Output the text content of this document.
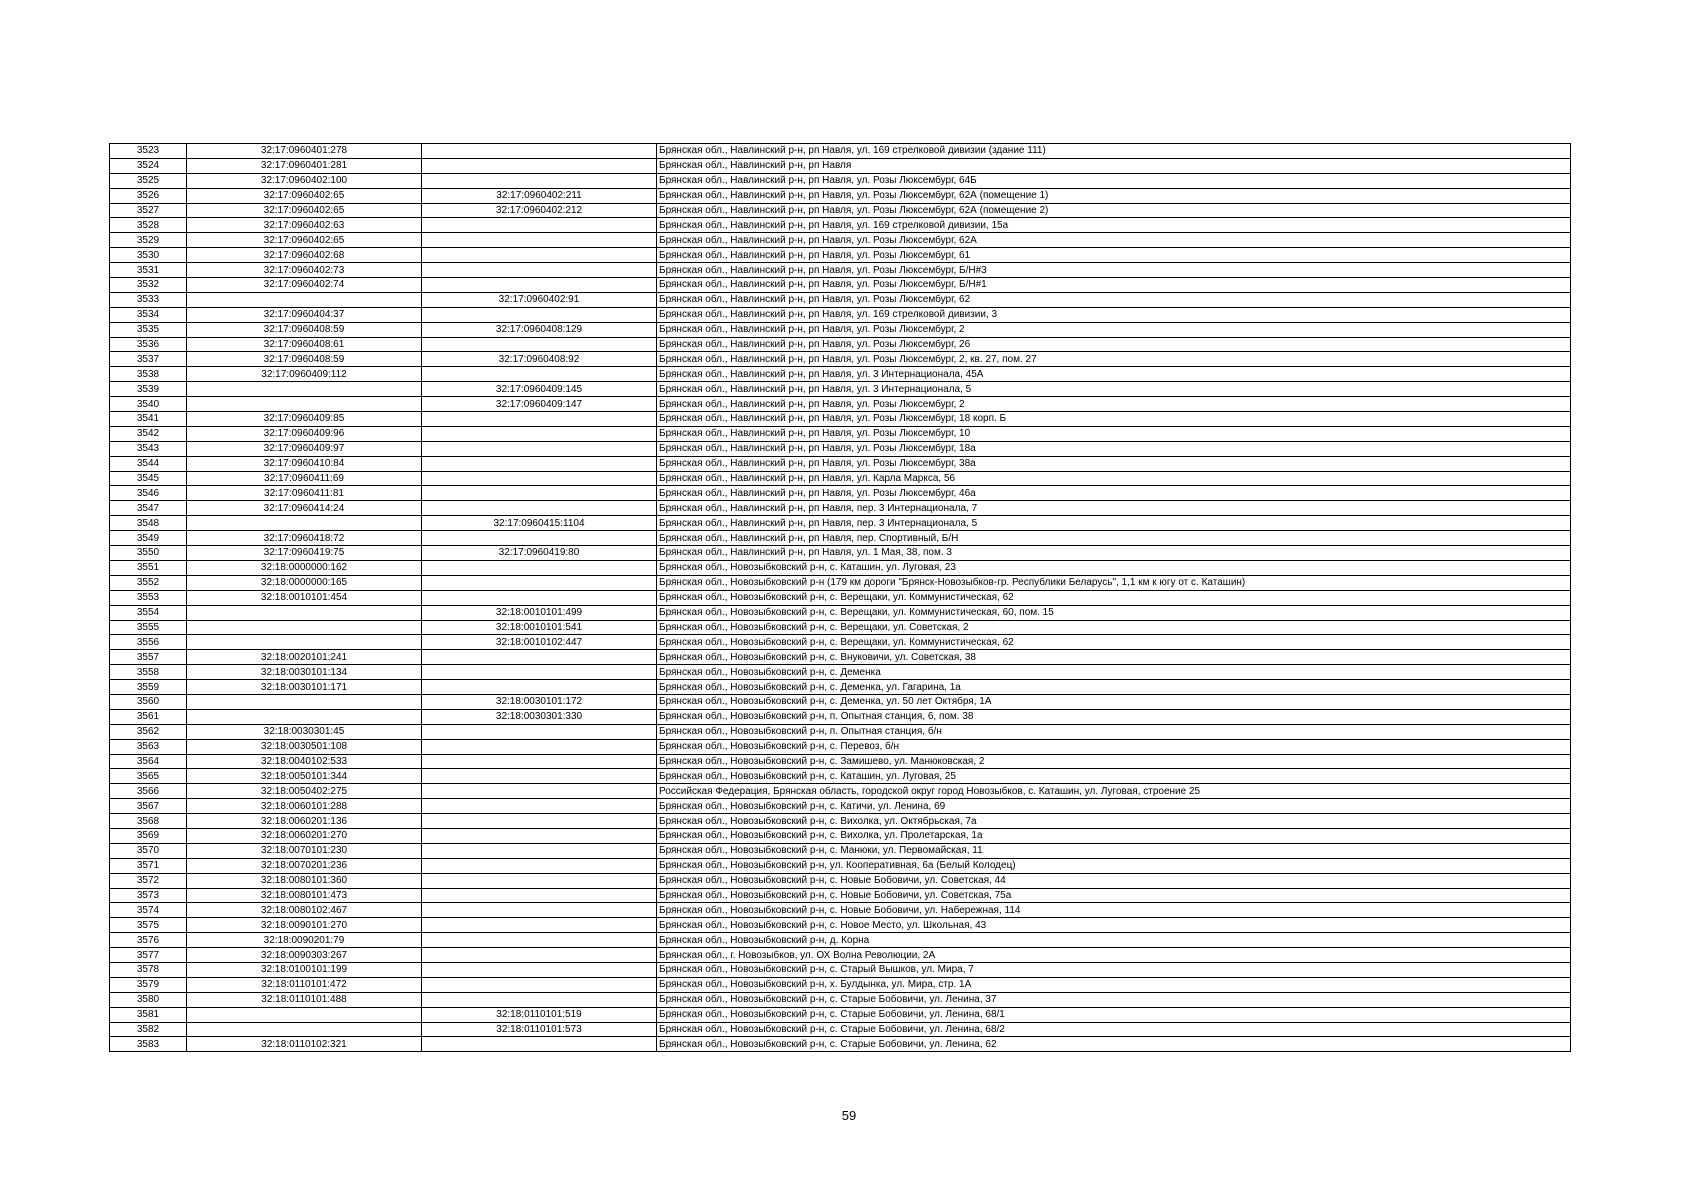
3523	32:17:0960401:278		Брянская обл., Навлинский р-н, рп Навля, ул. 169 стрелковой дивизии (здание 111)
3524	32:17:0960401:281		Брянская обл., Навлинский р-н, рп Навля
3525	32:17:0960402:100		Брянская обл., Навлинский р-н, рп Навля, ул. Розы Люксембург, 64Б
3526	32:17:0960402:65	32:17:0960402:211	Брянская обл., Навлинский р-н, рп Навля, ул. Розы Люксембург, 62А (помещение 1)
3527	32:17:0960402:65	32:17:0960402:212	Брянская обл., Навлинский р-н, рп Навля, ул. Розы Люксембург, 62А (помещение 2)
3528	32:17:0960402:63		Брянская обл., Навлинский р-н, рп Навля, ул. 169 стрелковой дивизии, 15а
3529	32:17:0960402:65		Брянская обл., Навлинский р-н, рп Навля, ул. Розы Люксембург, 62А
3530	32:17:0960402:68		Брянская обл., Навлинский р-н, рп Навля, ул. Розы Люксембург, 61
3531	32:17:0960402:73		Брянская обл., Навлинский р-н, рп Навля, ул. Розы Люксембург, Б/Н#3
3532	32:17:0960402:74		Брянская обл., Навлинский р-н, рп Навля, ул. Розы Люксембург, Б/Н#1
3533		32:17:0960402:91	Брянская обл., Навлинский р-н, рп Навля, ул. Розы Люксембург, 62
3534	32:17:0960404:37		Брянская обл., Навлинский р-н, рп Навля, ул. 169 стрелковой дивизии, 3
3535	32:17:0960408:59	32:17:0960408:129	Брянская обл., Навлинский р-н, рп Навля, ул. Розы Люксембург, 2
3536	32:17:0960408:61		Брянская обл., Навлинский р-н, рп Навля, ул. Розы Люксембург, 26
3537	32:17:0960408:59	32:17:0960408:92	Брянская обл., Навлинский р-н, рп Навля, ул. Розы Люксембург, 2, кв. 27, пом. 27
3538	32:17:0960409:112		Брянская обл., Навлинский р-н, рп Навля, ул. 3 Интернационала, 45А
3539		32:17:0960409:145	Брянская обл., Навлинский р-н, рп Навля, ул. 3 Интернационала, 5
3540		32:17:0960409:147	Брянская обл., Навлинский р-н, рп Навля, ул. Розы Люксембург, 2
3541	32:17:0960409:85		Брянская обл., Навлинский р-н, рп Навля, ул. Розы Люксембург, 18 корп. Б
3542	32:17:0960409:96		Брянская обл., Навлинский р-н, рп Навля, ул. Розы Люксембург, 10
3543	32:17:0960409:97		Брянская обл., Навлинский р-н, рп Навля, ул. Розы Люксембург, 18а
3544	32:17:0960410:84		Брянская обл., Навлинский р-н, рп Навля, ул. Розы Люксембург, 38а
3545	32:17:0960411:69		Брянская обл., Навлинский р-н, рп Навля, ул. Карла Маркса, 56
3546	32:17:0960411:81		Брянская обл., Навлинский р-н, рп Навля, ул. Розы Люксембург, 46а
3547	32:17:0960414:24		Брянская обл., Навлинский р-н, рп Навля, пер. 3 Интернационала, 7
3548		32:17:0960415:1104	Брянская обл., Навлинский р-н, рп Навля, пер. 3 Интернационала, 5
3549	32:17:0960418:72		Брянская обл., Навлинский р-н, рп Навля, пер. Спортивный, Б/Н
3550	32:17:0960419:75	32:17:0960419:80	Брянская обл., Навлинский р-н, рп Навля, ул. 1 Мая, 38, пом. 3
3551	32:18:0000000:162		Брянская обл., Новозыбковский р-н, с. Каташин, ул. Луговая, 23
3552	32:18:0000000:165		Брянская обл., Новозыбковский р-н (179 км дороги "Брянск-Новозыбков-гр. Республики Беларусь", 1,1 км к югу от с. Каташин)
3553	32:18:0010101:454		Брянская обл., Новозыбковский р-н, с. Верещаки, ул. Коммунистическая, 62
3554		32:18:0010101:499	Брянская обл., Новозыбковский р-н, с. Верещаки, ул. Коммунистическая, 60, пом. 15
3555		32:18:0010101:541	Брянская обл., Новозыбковский р-н, с. Верещаки, ул. Советская, 2
3556		32:18:0010102:447	Брянская обл., Новозыбковский р-н, с. Верещаки, ул. Коммунистическая, 62
3557	32:18:0020101:241		Брянская обл., Новозыбковский р-н, с. Внуковичи, ул. Советская, 38
3558	32:18:0030101:134		Брянская обл., Новозыбковский р-н, с. Деменка
3559	32:18:0030101:171		Брянская обл., Новозыбковский р-н, с. Деменка, ул. Гагарина, 1а
3560		32:18:0030101:172	Брянская обл., Новозыбковский р-н, с. Деменка, ул. 50 лет Октября, 1А
3561		32:18:0030301:330	Брянская обл., Новозыбковский р-н, п. Опытная станция, 6, пом. 38
3562	32:18:0030301:45		Брянская обл., Новозыбковский р-н, п. Опытная станция, б/н
3563	32:18:0030501:108		Брянская обл., Новозыбковский р-н, с. Перевоз, б/н
3564	32:18:0040102:533		Брянская обл., Новозыбковский р-н, с. Замишево, ул. Манюковская, 2
3565	32:18:0050101:344		Брянская обл., Новозыбковский р-н, с. Каташин, ул. Луговая, 25
3566	32:18:0050402:275		Российская Федерация, Брянская область, городской округ город Новозыбков, с. Каташин, ул. Луговая, строение 25
3567	32:18:0060101:288		Брянская обл., Новозыбковский р-н, с. Катичи, ул. Ленина, 69
3568	32:18:0060201:136		Брянская обл., Новозыбковский р-н, с. Вихолка, ул. Октябрьская, 7а
3569	32:18:0060201:270		Брянская обл., Новозыбковский р-н, с. Вихолка, ул. Пролетарская, 1а
3570	32:18:0070101:230		Брянская обл., Новозыбковский р-н, с. Манюки, ул. Первомайская, 11
3571	32:18:0070201:236		Брянская обл., Новозыбковский р-н, ул. Кооперативная, 6а (Белый Колодец)
3572	32:18:0080101:360		Брянская обл., Новозыбковский р-н, с. Новые Бобовичи, ул. Советская, 44
3573	32:18:0080101:473		Брянская обл., Новозыбковский р-н, с. Новые Бобовичи, ул. Советская, 75а
3574	32:18:0080102:467		Брянская обл., Новозыбковский р-н, с. Новые Бобовичи, ул. Набережная, 114
3575	32:18:0090101:270		Брянская обл., Новозыбковский р-н, с. Новое Место, ул. Школьная, 43
3576	32:18:0090201:79		Брянская обл., Новозыбковский р-н, д. Корна
3577	32:18:0090303:267		Брянская обл., г. Новозыбков, ул. ОХ Волна Революции, 2А
3578	32:18:0100101:199		Брянская обл., Новозыбковский р-н, с. Старый Вышков, ул. Мира, 7
3579	32:18:0110101:472		Брянская обл., Новозыбковский р-н, х. Булдынка, ул. Мира, стр. 1А
3580	32:18:0110101:488		Брянская обл., Новозыбковский р-н, с. Старые Бобовичи, ул. Ленина, 37
3581		32:18:0110101:519	Брянская обл., Новозыбковский р-н, с. Старые Бобовичи, ул. Ленина, 68/1
3582		32:18:0110101:573	Брянская обл., Новозыбковский р-н, с. Старые Бобовичи, ул. Ленина, 68/2
3583	32:18:0110102:321		Брянская обл., Новозыбковский р-н, с. Старые Бобовичи, ул. Ленина, 62
59
